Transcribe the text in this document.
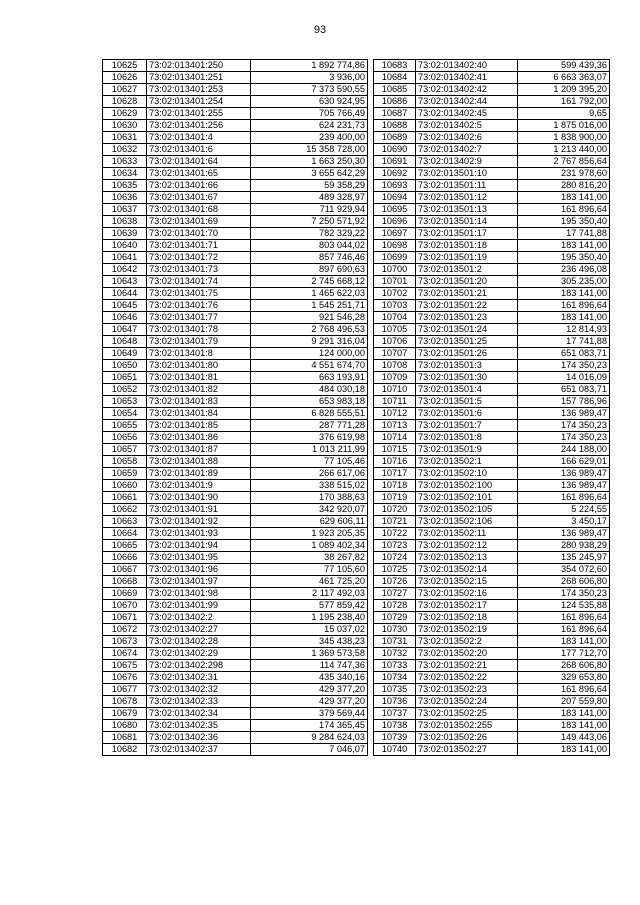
93
10625	73:02:013401:250	1 892 774,86
10626	73:02:013401:251	3 936,00
10627	73:02:013401:253	7 373 590,55
10628	73:02:013401:254	630 924,95
10629	73:02:013401:255	705 766,49
10630	73:02:013401:256	624 231,73
10631	73:02:013401:4	239 400,00
10632	73:02:013401:6	15 358 728,00
10633	73:02:013401:64	1 663 250,30
10634	73:02:013401:65	3 655 642,29
10635	73:02:013401:66	59 358,29
10636	73:02:013401:67	489 328,97
10637	73:02:013401:68	711 929,94
10638	73:02:013401:69	7 250 571,92
10639	73:02:013401:70	782 329,22
10640	73:02:013401:71	803 044,02
10641	73:02:013401:72	857 746,46
10642	73:02:013401:73	897 690,63
10643	73:02:013401:74	2 745 668,12
10644	73:02:013401:75	1 465 622,03
10645	73:02:013401:76	1 545 251,71
10646	73:02:013401:77	921 546,28
10647	73:02:013401:78	2 768 496,53
10648	73:02:013401:79	9 291 316,04
10649	73:02:013401:8	124 000,00
10650	73:02:013401:80	4 551 674,70
10651	73:02:013401:81	663 193,91
10652	73:02:013401:82	484 030,18
10653	73:02:013401:83	653 983,18
10654	73:02:013401:84	6 828 555,51
10655	73:02:013401:85	287 771,28
10656	73:02:013401:86	376 619,98
10657	73:02:013401:87	1 013 211,99
10658	73:02:013401:88	77 105,46
10659	73:02:013401:89	266 617,06
10660	73:02:013401:9	338 515,02
10661	73:02:013401:90	170 388,63
10662	73:02:013401:91	342 920,07
10663	73:02:013401:92	629 606,11
10664	73:02:013401:93	1 923 205,35
10665	73:02:013401:94	1 089 402,34
10666	73:02:013401:95	38 267,82
10667	73:02:013401:96	77 105,60
10668	73:02:013401:97	461 725,20
10669	73:02:013401:98	2 117 492,03
10670	73:02:013401:99	577 859,42
10671	73:02:013402:2	1 195 238,40
10672	73:02:013402:27	15 037,02
10673	73:02:013402:28	345 438,23
10674	73:02:013402:29	1 369 573,58
10675	73:02:013402:298	114 747,36
10676	73:02:013402:31	435 340,16
10677	73:02:013402:32	429 377,20
10678	73:02:013402:33	429 377,20
10679	73:02:013402:34	379 569,44
10680	73:02:013402:35	174 365,45
10681	73:02:013402:36	9 284 624,03
10682	73:02:013402:37	7 046,07
10683	73:02:013402:40	599 439,36
10684	73:02:013402:41	6 663 363,07
10685	73:02:013402:42	1 209 395,20
10686	73:02:013402:44	161 792,00
10687	73:02:013402:45	9,65
10688	73:02:013402:5	1 875 016,00
10689	73:02:013402:6	1 838 900,00
10690	73:02:013402:7	1 213 440,00
10691	73:02:013402:9	2 767 856,64
10692	73:02:013501:10	231 978,60
10693	73:02:013501:11	280 816,20
10694	73:02:013501:12	183 141,00
10695	73:02:013501:13	161 896,64
10696	73:02:013501:14	195 350,40
10697	73:02:013501:17	17 741,88
10698	73:02:013501:18	183 141,00
10699	73:02:013501:19	195 350,40
10700	73:02:013501:2	236 496,08
10701	73:02:013501:20	305 235,00
10702	73:02:013501:21	183 141,00
10703	73:02:013501:22	161 896,64
10704	73:02:013501:23	183 141,00
10705	73:02:013501:24	12 814,93
10706	73:02:013501:25	17 741,88
10707	73:02:013501:26	651 083,71
10708	73:02:013501:3	174 350,23
10709	73:02:013501:30	14 016,09
10710	73:02:013501:4	651 083,71
10711	73:02:013501:5	157 786,96
10712	73:02:013501:6	136 989,47
10713	73:02:013501:7	174 350,23
10714	73:02:013501:8	174 350,23
10715	73:02:013501:9	244 188,00
10716	73:02:013502:1	166 629,01
10717	73:02:013502:10	136 989,47
10718	73:02:013502:100	136 989,47
10719	73:02:013502:101	161 896,64
10720	73:02:013502:105	5 224,55
10721	73:02:013502:106	3 450,17
10722	73:02:013502:11	136 989,47
10723	73:02:013502:12	280 938,29
10724	73:02:013502:13	135 245,97
10725	73:02:013502:14	354 072,60
10726	73:02:013502:15	268 606,80
10727	73:02:013502:16	174 350,23
10728	73:02:013502:17	124 535,88
10729	73:02:013502:18	161 896,64
10730	73:02:013502:19	161 896,64
10731	73:02:013502:2	183 141,00
10732	73:02:013502:20	177 712,70
10733	73:02:013502:21	268 606,80
10734	73:02:013502:22	329 653,80
10735	73:02:013502:23	161 896,64
10736	73:02:013502:24	207 559,80
10737	73:02:013502:25	183 141,00
10738	73:02:013502:255	183 141,00
10739	73:02:013502:26	149 443,06
10740	73:02:013502:27	183 141,00
